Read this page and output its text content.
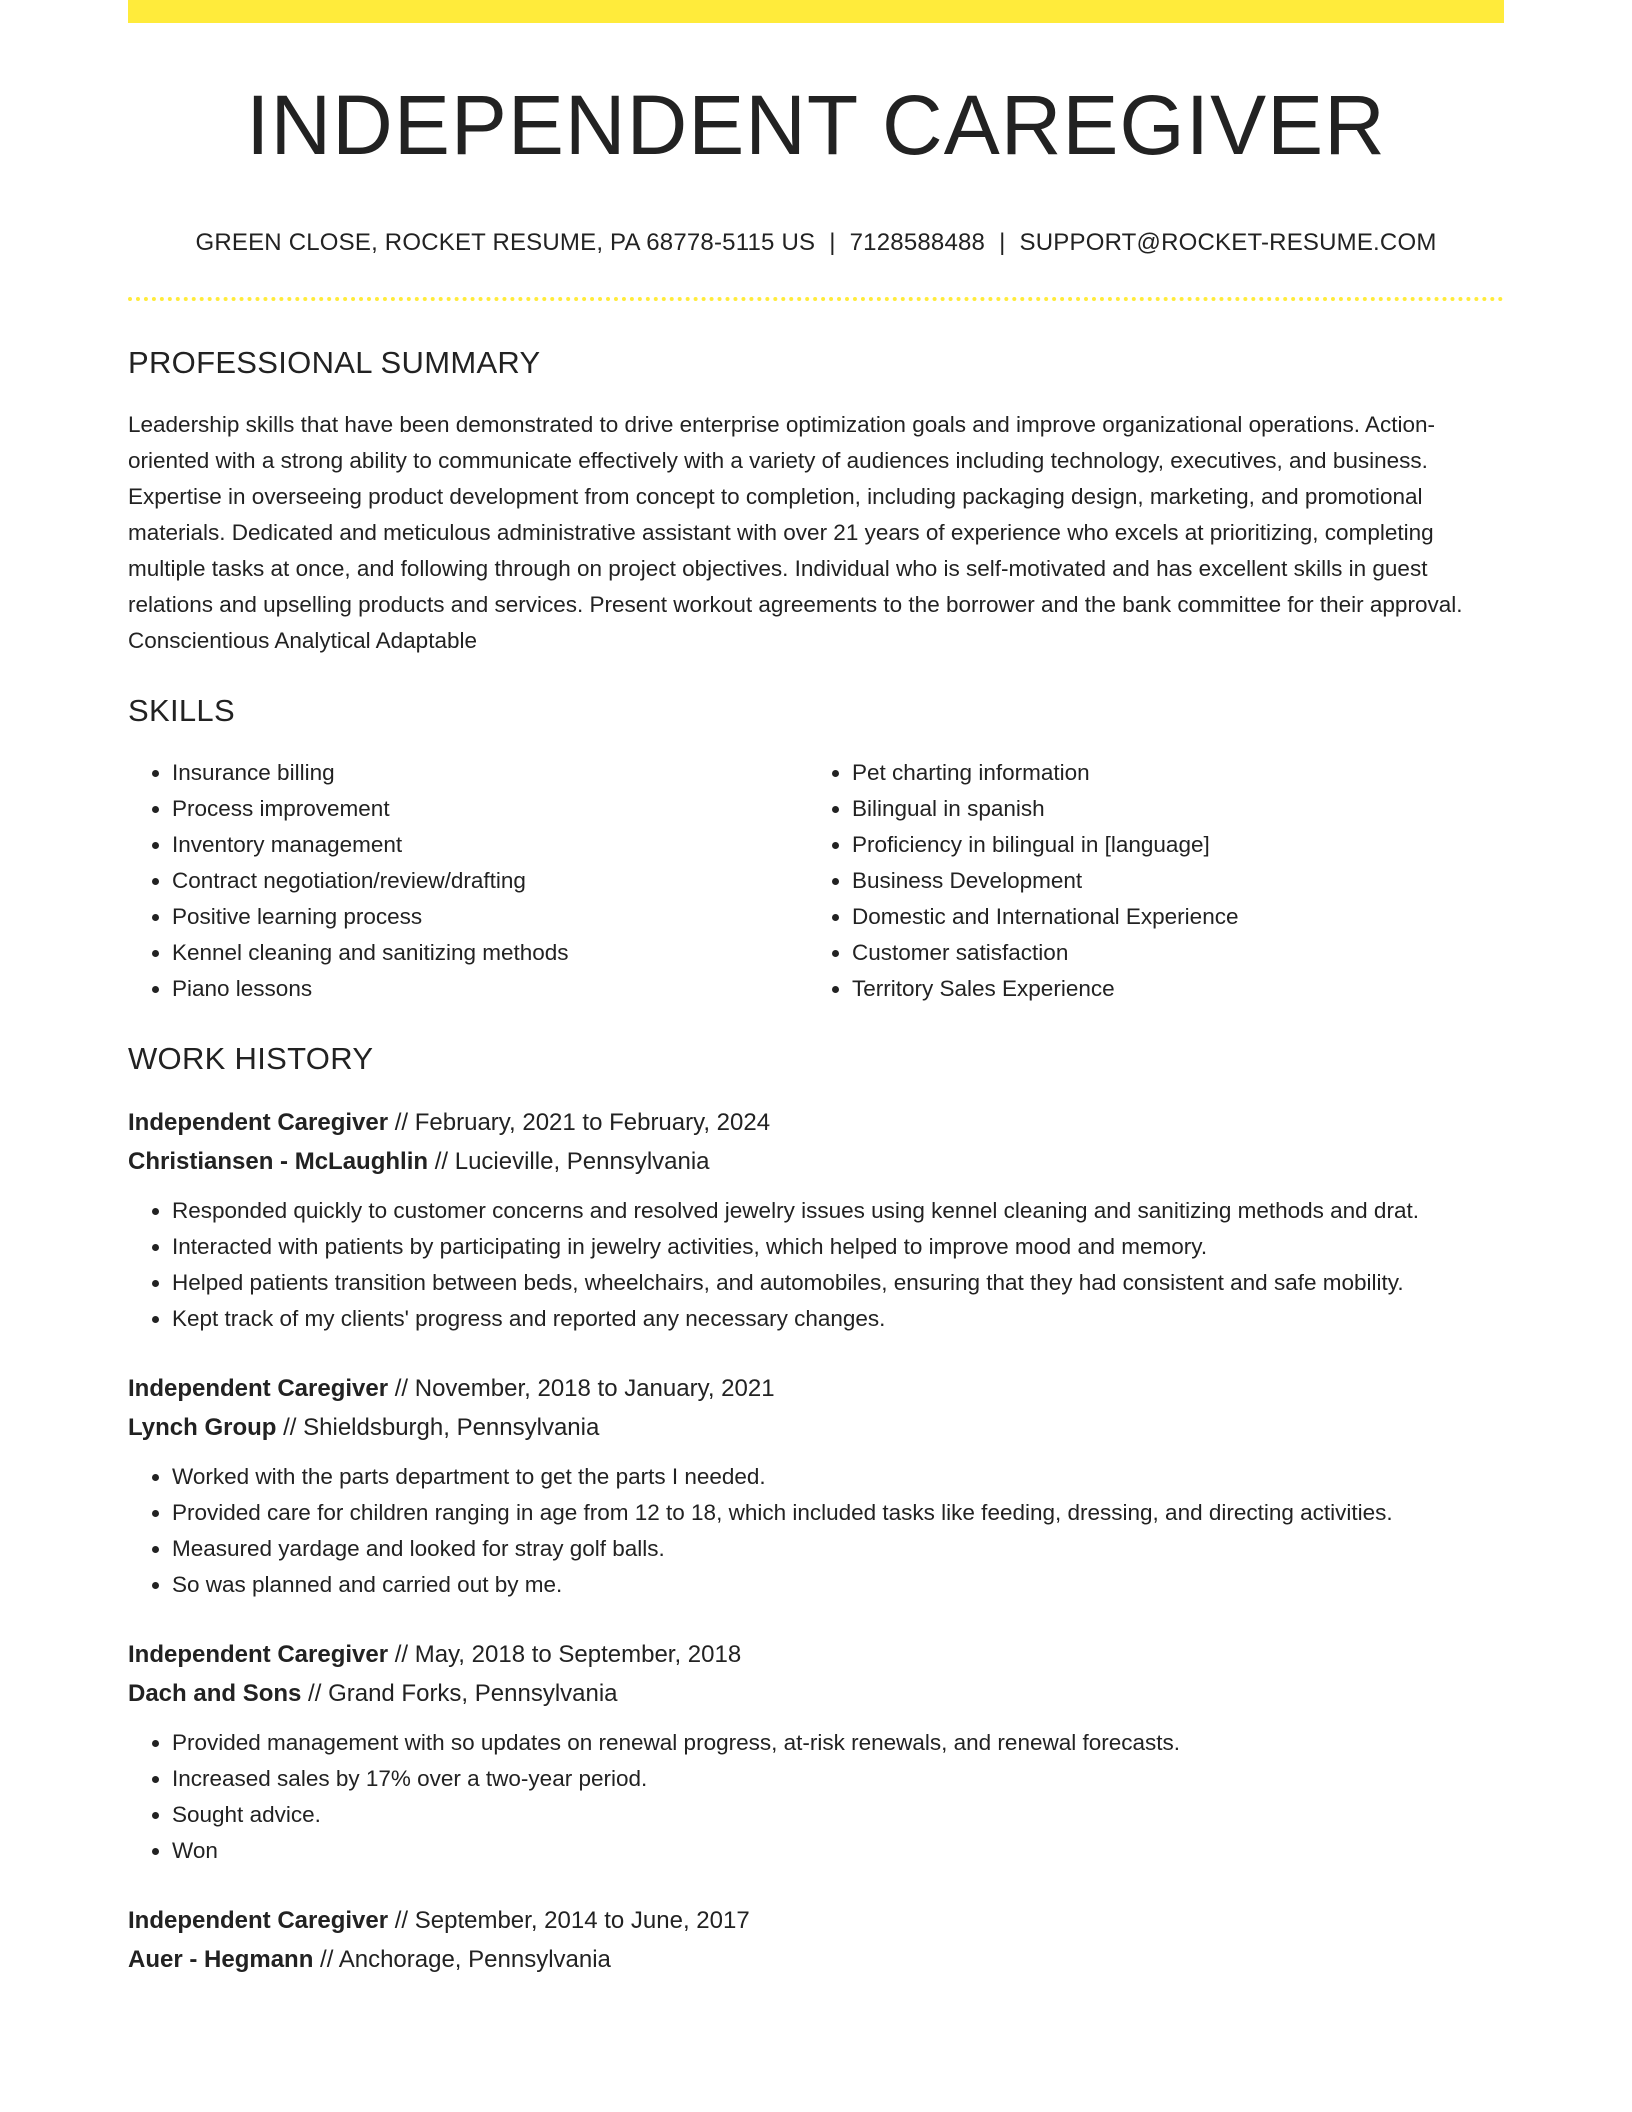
INDEPENDENT CAREGIVER
GREEN CLOSE, ROCKET RESUME, PA 68778-5115 US | 7128588488 | SUPPORT@ROCKET-RESUME.COM
PROFESSIONAL SUMMARY
Leadership skills that have been demonstrated to drive enterprise optimization goals and improve organizational operations. Action-oriented with a strong ability to communicate effectively with a variety of audiences including technology, executives, and business. Expertise in overseeing product development from concept to completion, including packaging design, marketing, and promotional materials. Dedicated and meticulous administrative assistant with over 21 years of experience who excels at prioritizing, completing multiple tasks at once, and following through on project objectives. Individual who is self-motivated and has excellent skills in guest relations and upselling products and services. Present workout agreements to the borrower and the bank committee for their approval. Conscientious Analytical Adaptable
SKILLS
• Insurance billing
• Process improvement
• Inventory management
• Contract negotiation/review/drafting
• Positive learning process
• Kennel cleaning and sanitizing methods
• Piano lessons
• Pet charting information
• Bilingual in spanish
• Proficiency in bilingual in [language]
• Business Development
• Domestic and International Experience
• Customer satisfaction
• Territory Sales Experience
WORK HISTORY
Independent Caregiver // February, 2021 to February, 2024
Christiansen - McLaughlin // Lucieville, Pennsylvania
• Responded quickly to customer concerns and resolved jewelry issues using kennel cleaning and sanitizing methods and drat.
• Interacted with patients by participating in jewelry activities, which helped to improve mood and memory.
• Helped patients transition between beds, wheelchairs, and automobiles, ensuring that they had consistent and safe mobility.
• Kept track of my clients' progress and reported any necessary changes.
Independent Caregiver // November, 2018 to January, 2021
Lynch Group // Shieldsburgh, Pennsylvania
• Worked with the parts department to get the parts I needed.
• Provided care for children ranging in age from 12 to 18, which included tasks like feeding, dressing, and directing activities.
• Measured yardage and looked for stray golf balls.
• So was planned and carried out by me.
Independent Caregiver // May, 2018 to September, 2018
Dach and Sons // Grand Forks, Pennsylvania
• Provided management with so updates on renewal progress, at-risk renewals, and renewal forecasts.
• Increased sales by 17% over a two-year period.
• Sought advice.
• Won
Independent Caregiver // September, 2014 to June, 2017
Auer - Hegmann // Anchorage, Pennsylvania
